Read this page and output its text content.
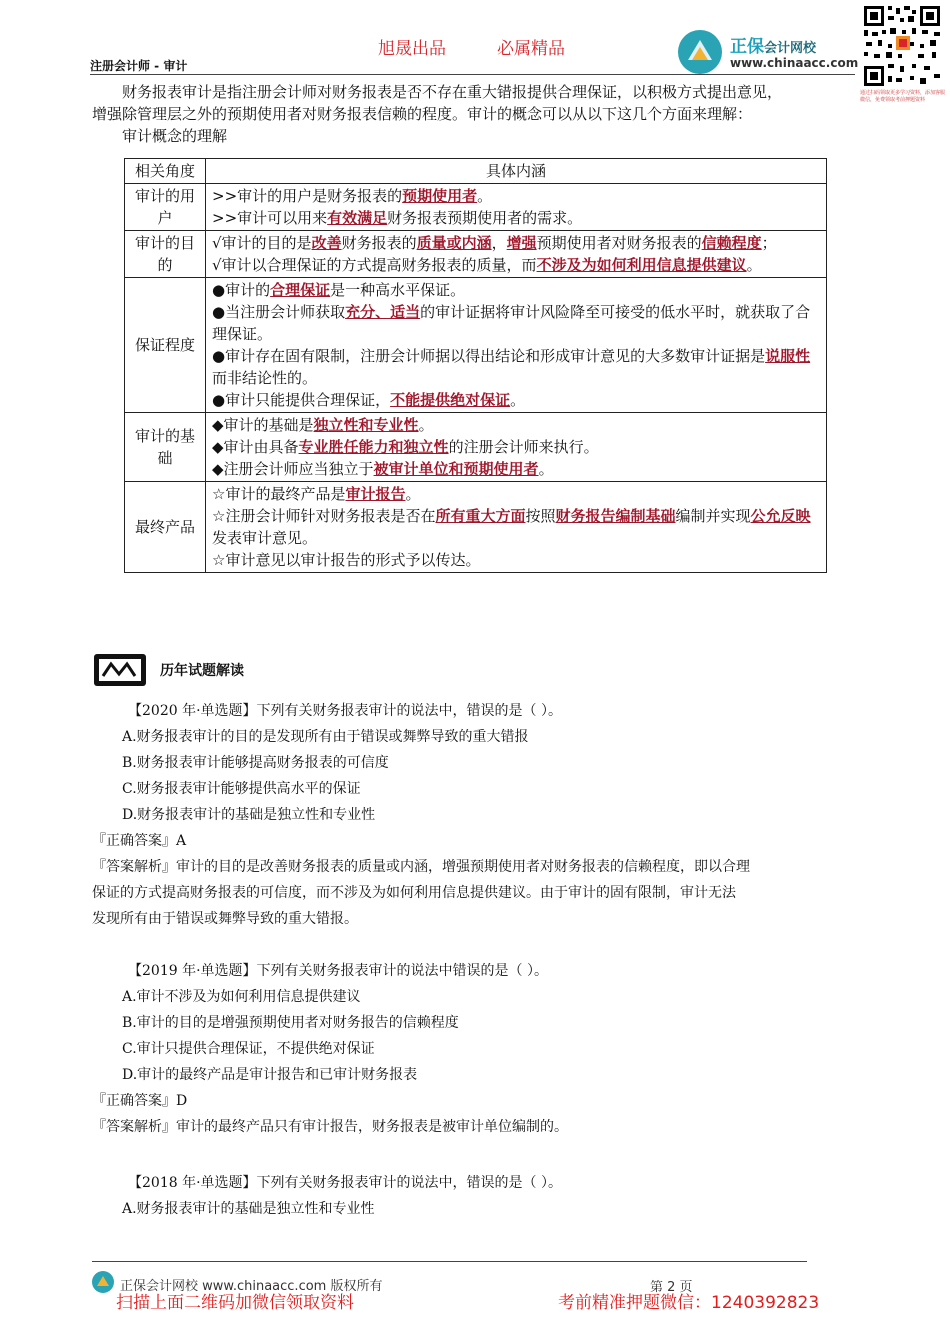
旭晟出品	必属精品
注册会计师 - 审计
正保会计网校
www.chinaacc.com
通过扫码领取更多学习资料，添加客服微信，免费领取考前押题资料
财务报表审计是指注册会计师对财务报表是否不存在重大错报提供合理保证，以积极方式提出意见，
增强除管理层之外的预期使用者对财务报表信赖的程度。审计的概念可以从以下这几个方面来理解：
审计概念的理解
相关角度	具体内涵
审计的用户	>>审计的用户是财务报表的预期使用者。
>>审计可以用来有效满足财务报表预期使用者的需求。

审计的目的	√审计的目的是改善财务报表的质量或内涵，增强预期使用者对财务报表的信赖程度；
√审计以合理保证的方式提高财务报表的质量，而不涉及为如何利用信息提供建议。

保证程度	●审计的合理保证是一种高水平保证。
●当注册会计师获取充分、适当的审计证据将审计风险降至可接受的低水平时，就获取了合理保证。
●审计存在固有限制，注册会计师据以得出结论和形成审计意见的大多数审计证据是说服性而非结论性的。
●审计只能提供合理保证，不能提供绝对保证。

审计的基础	◆审计的基础是独立性和专业性。
◆审计由具备专业胜任能力和独立性的注册会计师来执行。
◆注册会计师应当独立于被审计单位和预期使用者。

最终产品	☆审计的最终产品是审计报告。
☆注册会计师针对财务报表是否在所有重大方面按照财务报告编制基础编制并实现公允反映发表审计意见。
☆审计意见以审计报告的形式予以传达。
历年试题解读
【2020 年·单选题】下列有关财务报表审计的说法中，错误的是（ ）。
A.财务报表审计的目的是发现所有由于错误或舞弊导致的重大错报
B.财务报表审计能够提高财务报表的可信度
C.财务报表审计能够提供高水平的保证
D.财务报表审计的基础是独立性和专业性
『正确答案』A
『答案解析』审计的目的是改善财务报表的质量或内涵，增强预期使用者对财务报表的信赖程度，即以合理
保证的方式提高财务报表的可信度，而不涉及为如何利用信息提供建议。由于审计的固有限制，审计无法
发现所有由于错误或舞弊导致的重大错报。
【2019 年·单选题】下列有关财务报表审计的说法中错误的是（ ）。
A.审计不涉及为如何利用信息提供建议
B.审计的目的是增强预期使用者对财务报告的信赖程度
C.审计只提供合理保证，不提供绝对保证
D.审计的最终产品是审计报告和已审计财务报表
『正确答案』D
『答案解析』审计的最终产品只有审计报告，财务报表是被审计单位编制的。
【2018 年·单选题】下列有关财务报表审计的说法中，错误的是（ ）。
A.财务报表审计的基础是独立性和专业性
正保会计网校 www.chinaacc.com 版权所有	第 2 页
扫描上面二维码加微信领取资料	考前精准押题微信：1240392823
